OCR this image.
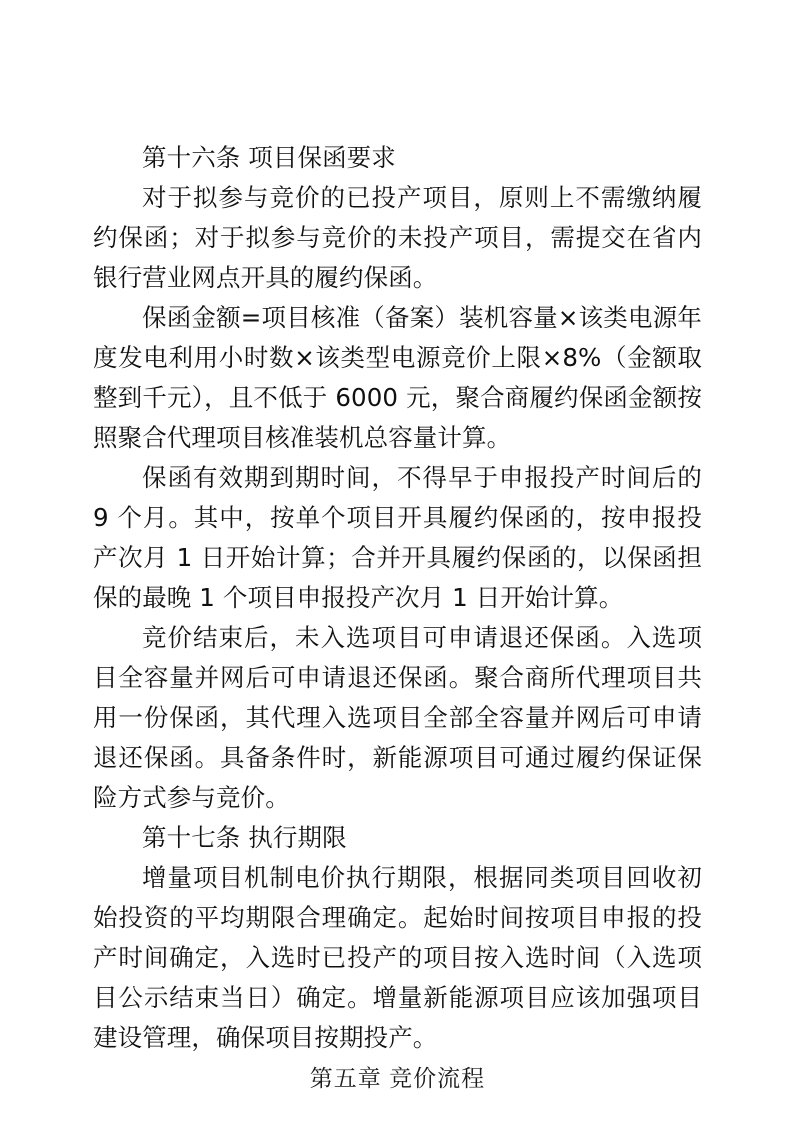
第十六条 项目保函要求

对于拟参与竞价的已投产项目，原则上不需缴纳履约保函；对于拟参与竞价的未投产项目，需提交在省内银行营业网点开具的履约保函。

保函金额=项目核准（备案）装机容量×该类电源年度发电利用小时数×该类型电源竞价上限×8%（金额取整到千元），且不低于 6000 元，聚合商履约保函金额按照聚合代理项目核准装机总容量计算。

保函有效期到期时间，不得早于申报投产时间后的 9 个月。其中，按单个项目开具履约保函的，按申报投产次月 1 日开始计算；合并开具履约保函的，以保函担保的最晚 1 个项目申报投产次月 1 日开始计算。

竞价结束后，未入选项目可申请退还保函。入选项目全容量并网后可申请退还保函。聚合商所代理项目共用一份保函，其代理入选项目全部全容量并网后可申请退还保函。具备条件时，新能源项目可通过履约保证保险方式参与竞价。

第十七条 执行期限

增量项目机制电价执行期限，根据同类项目回收初始投资的平均期限合理确定。起始时间按项目申报的投产时间确定，入选时已投产的项目按入选时间（入选项目公示结束当日）确定。增量新能源项目应该加强项目建设管理，确保项目按期投产。

第五章 竞价流程
